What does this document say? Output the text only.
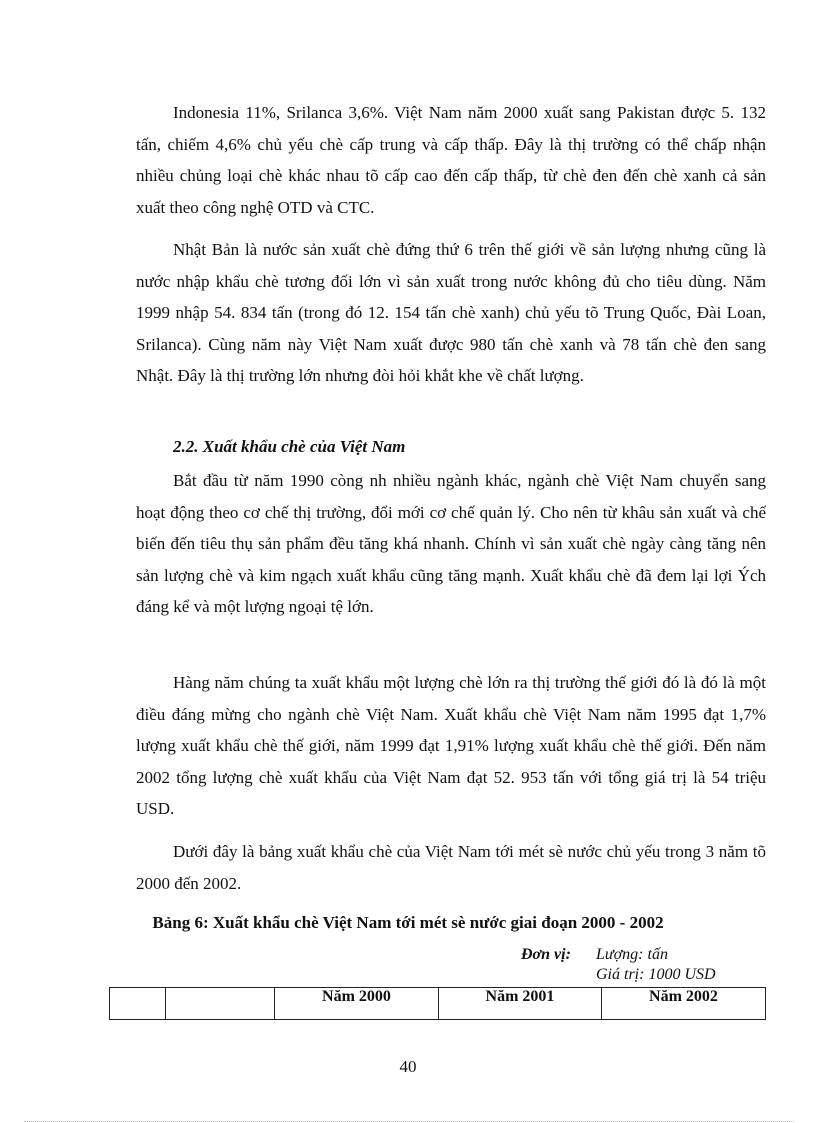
Indonesia 11%, Srilanca 3,6%. Việt Nam năm 2000 xuất sang Pakistan được 5. 132 tấn, chiếm 4,6% chủ yếu chè cấp trung và cấp thấp. Đây là thị trường có thể chấp nhận nhiều chủng loại chè khác nhau tõ cấp cao đến cấp thấp, từ chè đen đến chè xanh cả sản xuất theo công nghệ OTD và CTC.

Nhật Bản là nước sản xuất chè đứng thứ 6 trên thế giới về sản lượng nhưng cũng là nước nhập khẩu chè tương đối lớn vì sản xuất trong nước không đủ cho tiêu dùng. Năm 1999 nhập 54. 834 tấn (trong đó 12. 154 tấn chè xanh) chủ yếu tõ Trung Quốc, Đài Loan, Srilanca). Cùng năm này Việt Nam xuất được 980 tấn chè xanh và 78 tấn chè đen sang Nhật. Đây là thị trường lớn nhưng đòi hỏi khắt khe về chất lượng.

2.2. Xuất khẩu chè của Việt Nam

Bắt đầu từ năm 1990 còng nh nhiều ngành khác, ngành chè Việt Nam chuyển sang hoạt động theo cơ chế thị trường, đổi mới cơ chế quản lý. Cho nên từ khâu sản xuất và chế biến đến tiêu thụ sản phẩm đều tăng khá nhanh. Chính vì sản xuất chè ngày càng tăng nên sản lượng chè và kim ngạch xuất khẩu cũng tăng mạnh. Xuất khẩu chè đã đem lại lợi Ých đáng kể và một lượng ngoại tệ lớn.

Hàng năm chúng ta xuất khẩu một lượng chè lớn ra thị trường thế giới đó là đó là một điều đáng mừng cho ngành chè Việt Nam. Xuất khẩu chè Việt Nam năm 1995 đạt 1,7% lượng xuất khẩu chè thế giới, năm 1999 đạt 1,91% lượng xuất khẩu chè thế giới. Đến năm 2002 tổng lượng chè xuất khẩu của Việt Nam đạt 52. 953 tấn với tổng giá trị là 54 triệu USD.

Dưới đây là bảng xuất khẩu chè của Việt Nam tới mét sè nước chủ yếu trong 3 năm tõ 2000 đến 2002.

Bảng 6: Xuất khẩu chè Việt Nam tới mét sè nước giai đoạn 2000 - 2002
Đơn vị: Lượng: tấn
Giá trị: 1000 USD
		Năm 2000	Năm 2001	Năm 2002
40
